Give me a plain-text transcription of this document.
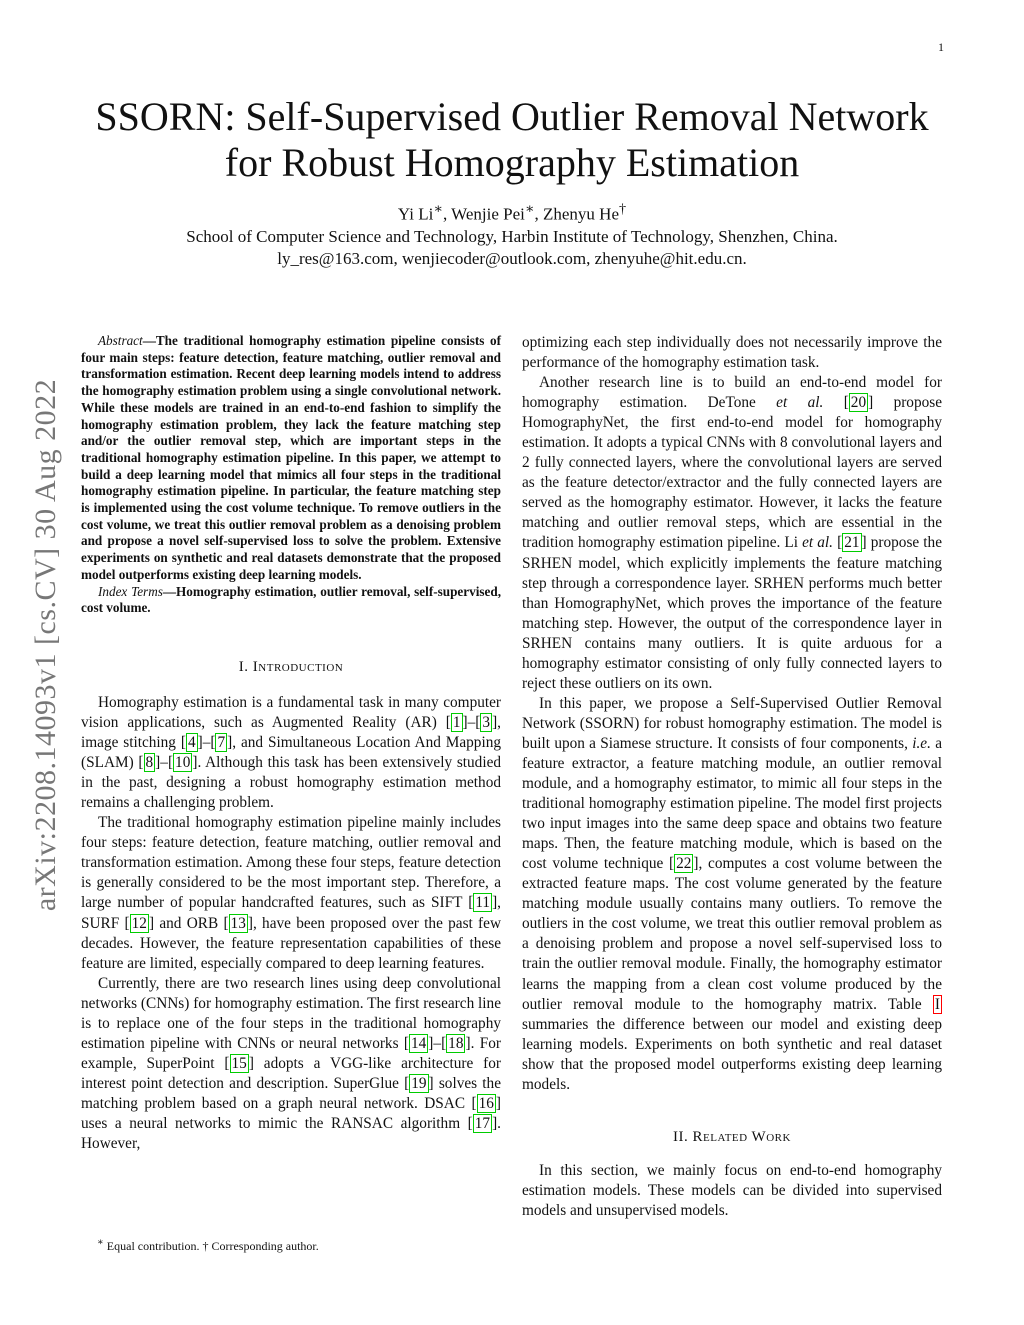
1
arXiv:2208.14093v1 [cs.CV] 30 Aug 2022
SSORN: Self-Supervised Outlier Removal Network
for Robust Homography Estimation
Yi Li∗, Wenjie Pei∗, Zhenyu He†
School of Computer Science and Technology, Harbin Institute of Technology, Shenzhen, China.
ly_res@163.com, wenjiecoder@outlook.com, zhenyuhe@hit.edu.cn.

Abstract—The traditional homography estimation pipeline consists of four main steps: feature detection, feature matching, outlier removal and transformation estimation. Recent deep learning models intend to address the homography estimation problem using a single convolutional network. While these models are trained in an end-to-end fashion to simplify the homography estimation problem, they lack the feature matching step and/or the outlier removal step, which are important steps in the traditional homography estimation pipeline. In this paper, we attempt to build a deep learning model that mimics all four steps in the traditional homography estimation pipeline. In particular, the feature matching step is implemented using the cost volume technique. To remove outliers in the cost volume, we treat this outlier removal problem as a denoising problem and propose a novel self-supervised loss to solve the problem. Extensive experiments on synthetic and real datasets demonstrate that the proposed model outperforms existing deep learning models.

Index Terms—Homography estimation, outlier removal, self-supervised, cost volume.

I. Introduction

Homography estimation is a fundamental task in many computer vision applications, such as Augmented Reality (AR) [ 1 ]–[ 3 ], image stitching [ 4 ]–[ 7 ], and Simultaneous Location And Mapping (SLAM) [ 8 ]–[ 10 ]. Although this task has been extensively studied in the past, designing a robust homography estimation method remains a challenging problem.

The traditional homography estimation pipeline mainly includes four steps: feature detection, feature matching, outlier removal and transformation estimation. Among these four steps, feature detection is generally considered to be the most important step. Therefore, a large number of popular handcrafted features, such as SIFT [ 11 ], SURF [ 12 ] and ORB [ 13 ], have been proposed over the past few decades. However, the feature representation capabilities of these feature are limited, especially compared to deep learning features.

Currently, there are two research lines using deep convolutional networks (CNNs) for homography estimation. The first research line is to replace one of the four steps in the traditional homography estimation pipeline with CNNs or neural networks [ 14 ]–[ 18 ]. For example, SuperPoint [ 15 ] adopts a VGG-like architecture for interest point detection and description. SuperGlue [ 19 ] solves the matching problem based on a graph neural network. DSAC [ 16 ] uses a neural networks to mimic the RANSAC algorithm [ 17 ]. However,

optimizing each step individually does not necessarily improve the performance of the homography estimation task.

Another research line is to build an end-to-end model for homography estimation. DeTone et al. [ 20 ] propose HomographyNet, the first end-to-end model for homography estimation. It adopts a typical CNNs with 8 convolutional layers and 2 fully connected layers, where the convolutional layers are served as the feature detector/extractor and the fully connected layers are served as the homography estimator. However, it lacks the feature matching and outlier removal steps, which are essential in the tradition homography estimation pipeline. Li et al. [ 21 ] propose the SRHEN model, which explicitly implements the feature matching step through a correspondence layer. SRHEN performs much better than HomographyNet, which proves the importance of the feature matching step. However, the output of the correspondence layer in SRHEN contains many outliers. It is quite arduous for a homography estimator consisting of only fully connected layers to reject these outliers on its own.

In this paper, we propose a Self-Supervised Outlier Removal Network (SSORN) for robust homography estimation. The model is built upon a Siamese structure. It consists of four components, i.e. a feature extractor, a feature matching module, an outlier removal module, and a homography estimator, to mimic all four steps in the traditional homography estimation pipeline. The model first projects two input images into the same deep space and obtains two feature maps. Then, the feature matching module, which is based on the cost volume technique [ 22 ], computes a cost volume between the extracted feature maps. The cost volume generated by the feature matching module usually contains many outliers. To remove the outliers in the cost volume, we treat this outlier removal problem as a denoising problem and propose a novel self-supervised loss to train the outlier removal module. Finally, the homography estimator learns the mapping from a clean cost volume produced by the outlier removal module to the homography matrix. Table I summaries the difference between our model and existing deep learning models. Experiments on both synthetic and real dataset show that the proposed model outperforms existing deep learning models.

II. Related Work

In this section, we mainly focus on end-to-end homography estimation models. These models can be divided into supervised models and unsupervised models.

∗ Equal contribution. † Corresponding author.
